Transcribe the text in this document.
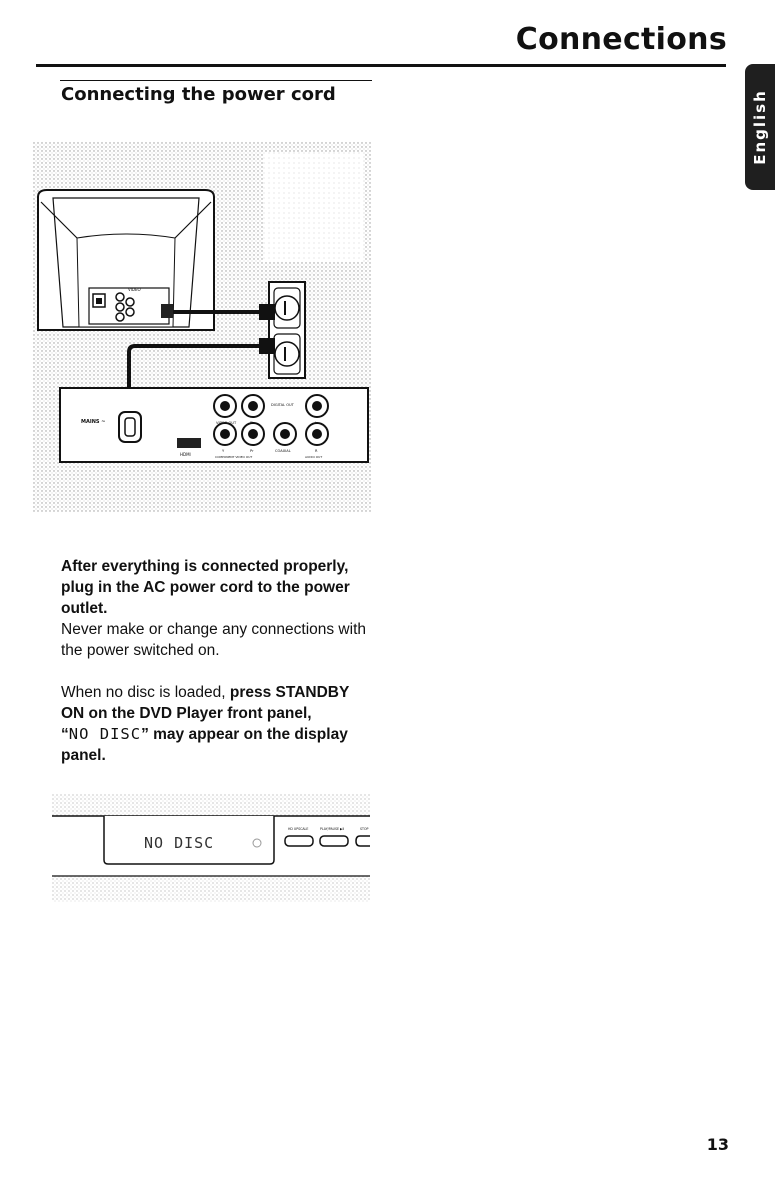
Connections
English
Connecting the power cord
VIDEO
MAINS ~
HDMI
VIDEO OUT	Pb
DIGITAL OUT
L
Y	Pr	COAXIAL	R
COMPONENT VIDEO OUT	AUDIO OUT

After everything is connected properly, plug in the AC power cord to the power outlet.

Never make or change any connections with the power switched on.

When no disc is loaded, press STANDBY ON on the DVD Player front panel,

“NO DISC” may appear on the display panel.

NO DISC
HD UPSCALE	PLAY/PAUSE ▶II	STOP
13
